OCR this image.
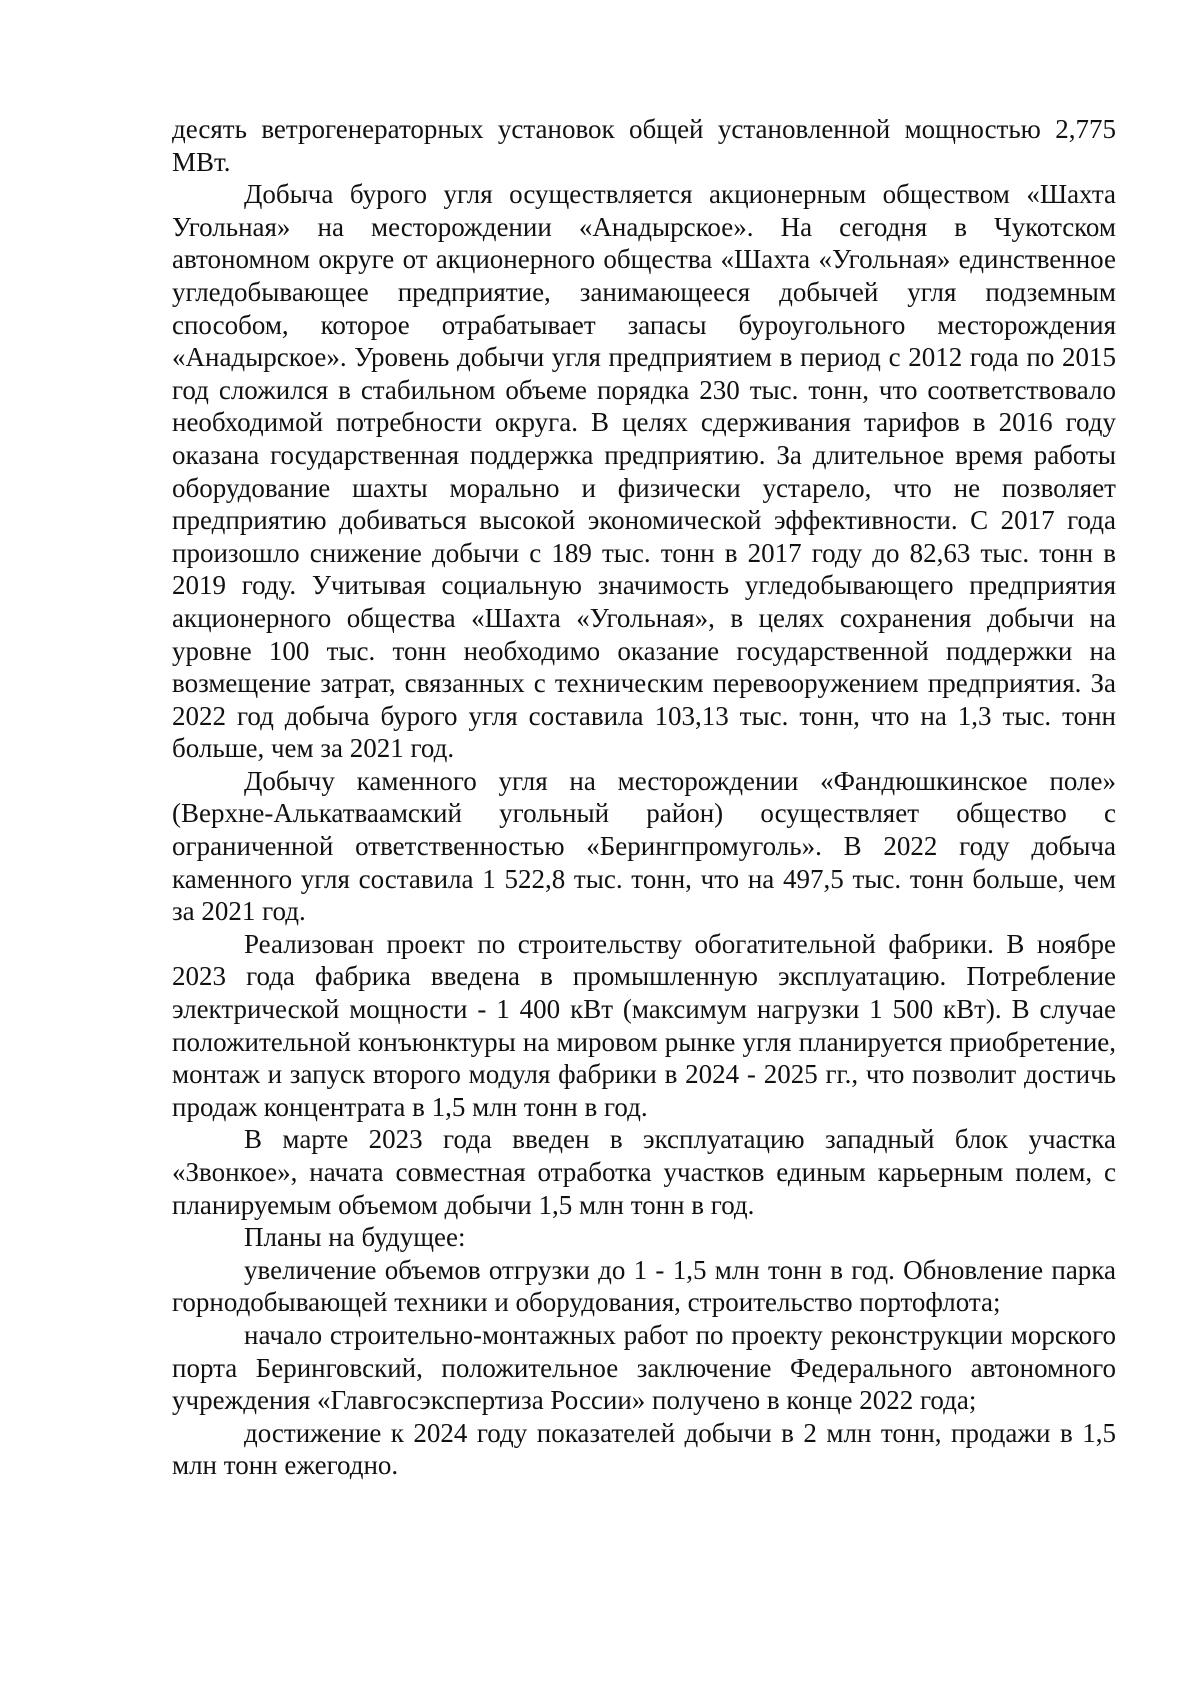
десять ветрогенераторных установок общей установленной мощностью 2,775 МВт.

Добыча бурого угля осуществляется акционерным обществом «Шахта Угольная» на месторождении «Анадырское». На сегодня в Чукотском автономном округе от акционерного общества «Шахта «Угольная» единственное угледобывающее предприятие, занимающееся добычей угля подземным способом, которое отрабатывает запасы буроугольного месторождения «Анадырское». Уровень добычи угля предприятием в период с 2012 года по 2015 год сложился в стабильном объеме порядка 230 тыс. тонн, что соответствовало необходимой потребности округа. В целях сдерживания тарифов в 2016 году оказана государственная поддержка предприятию. За длительное время работы оборудование шахты морально и физически устарело, что не позволяет предприятию добиваться высокой экономической эффективности. С 2017 года произошло снижение добычи с 189 тыс. тонн в 2017 году до 82,63 тыс. тонн в 2019 году. Учитывая социальную значимость угледобывающего предприятия акционерного общества «Шахта «Угольная», в целях сохранения добычи на уровне 100 тыс. тонн необходимо оказание государственной поддержки на возмещение затрат, связанных с техническим перевооружением предприятия. За 2022 год добыча бурого угля составила 103,13 тыс. тонн, что на 1,3 тыс. тонн больше, чем за 2021 год.

Добычу каменного угля на месторождении «Фандюшкинское поле» (Верхне-Алькатваамский угольный район) осуществляет общество с ограниченной ответственностью «Берингпромуголь». В 2022 году добыча каменного угля составила 1 522,8 тыс. тонн, что на 497,5 тыс. тонн больше, чем за 2021 год.

Реализован проект по строительству обогатительной фабрики. В ноябре 2023 года фабрика введена в промышленную эксплуатацию. Потребление электрической мощности - 1 400 кВт (максимум нагрузки 1 500 кВт). В случае положительной конъюнктуры на мировом рынке угля планируется приобретение, монтаж и запуск второго модуля фабрики в 2024 - 2025 гг., что позволит достичь продаж концентрата в 1,5 млн тонн в год.

В марте 2023 года введен в эксплуатацию западный блок участка «Звонкое», начата совместная отработка участков единым карьерным полем, с планируемым объемом добычи 1,5 млн тонн в год.

Планы на будущее:

увеличение объемов отгрузки до 1 - 1,5 млн тонн в год. Обновление парка горнодобывающей техники и оборудования, строительство портофлота;

начало строительно-монтажных работ по проекту реконструкции морского порта Беринговский, положительное заключение Федерального автономного учреждения «Главгосэкспертиза России» получено в конце 2022 года;

достижение к 2024 году показателей добычи в 2 млн тонн, продажи в 1,5 млн тонн ежегодно.
